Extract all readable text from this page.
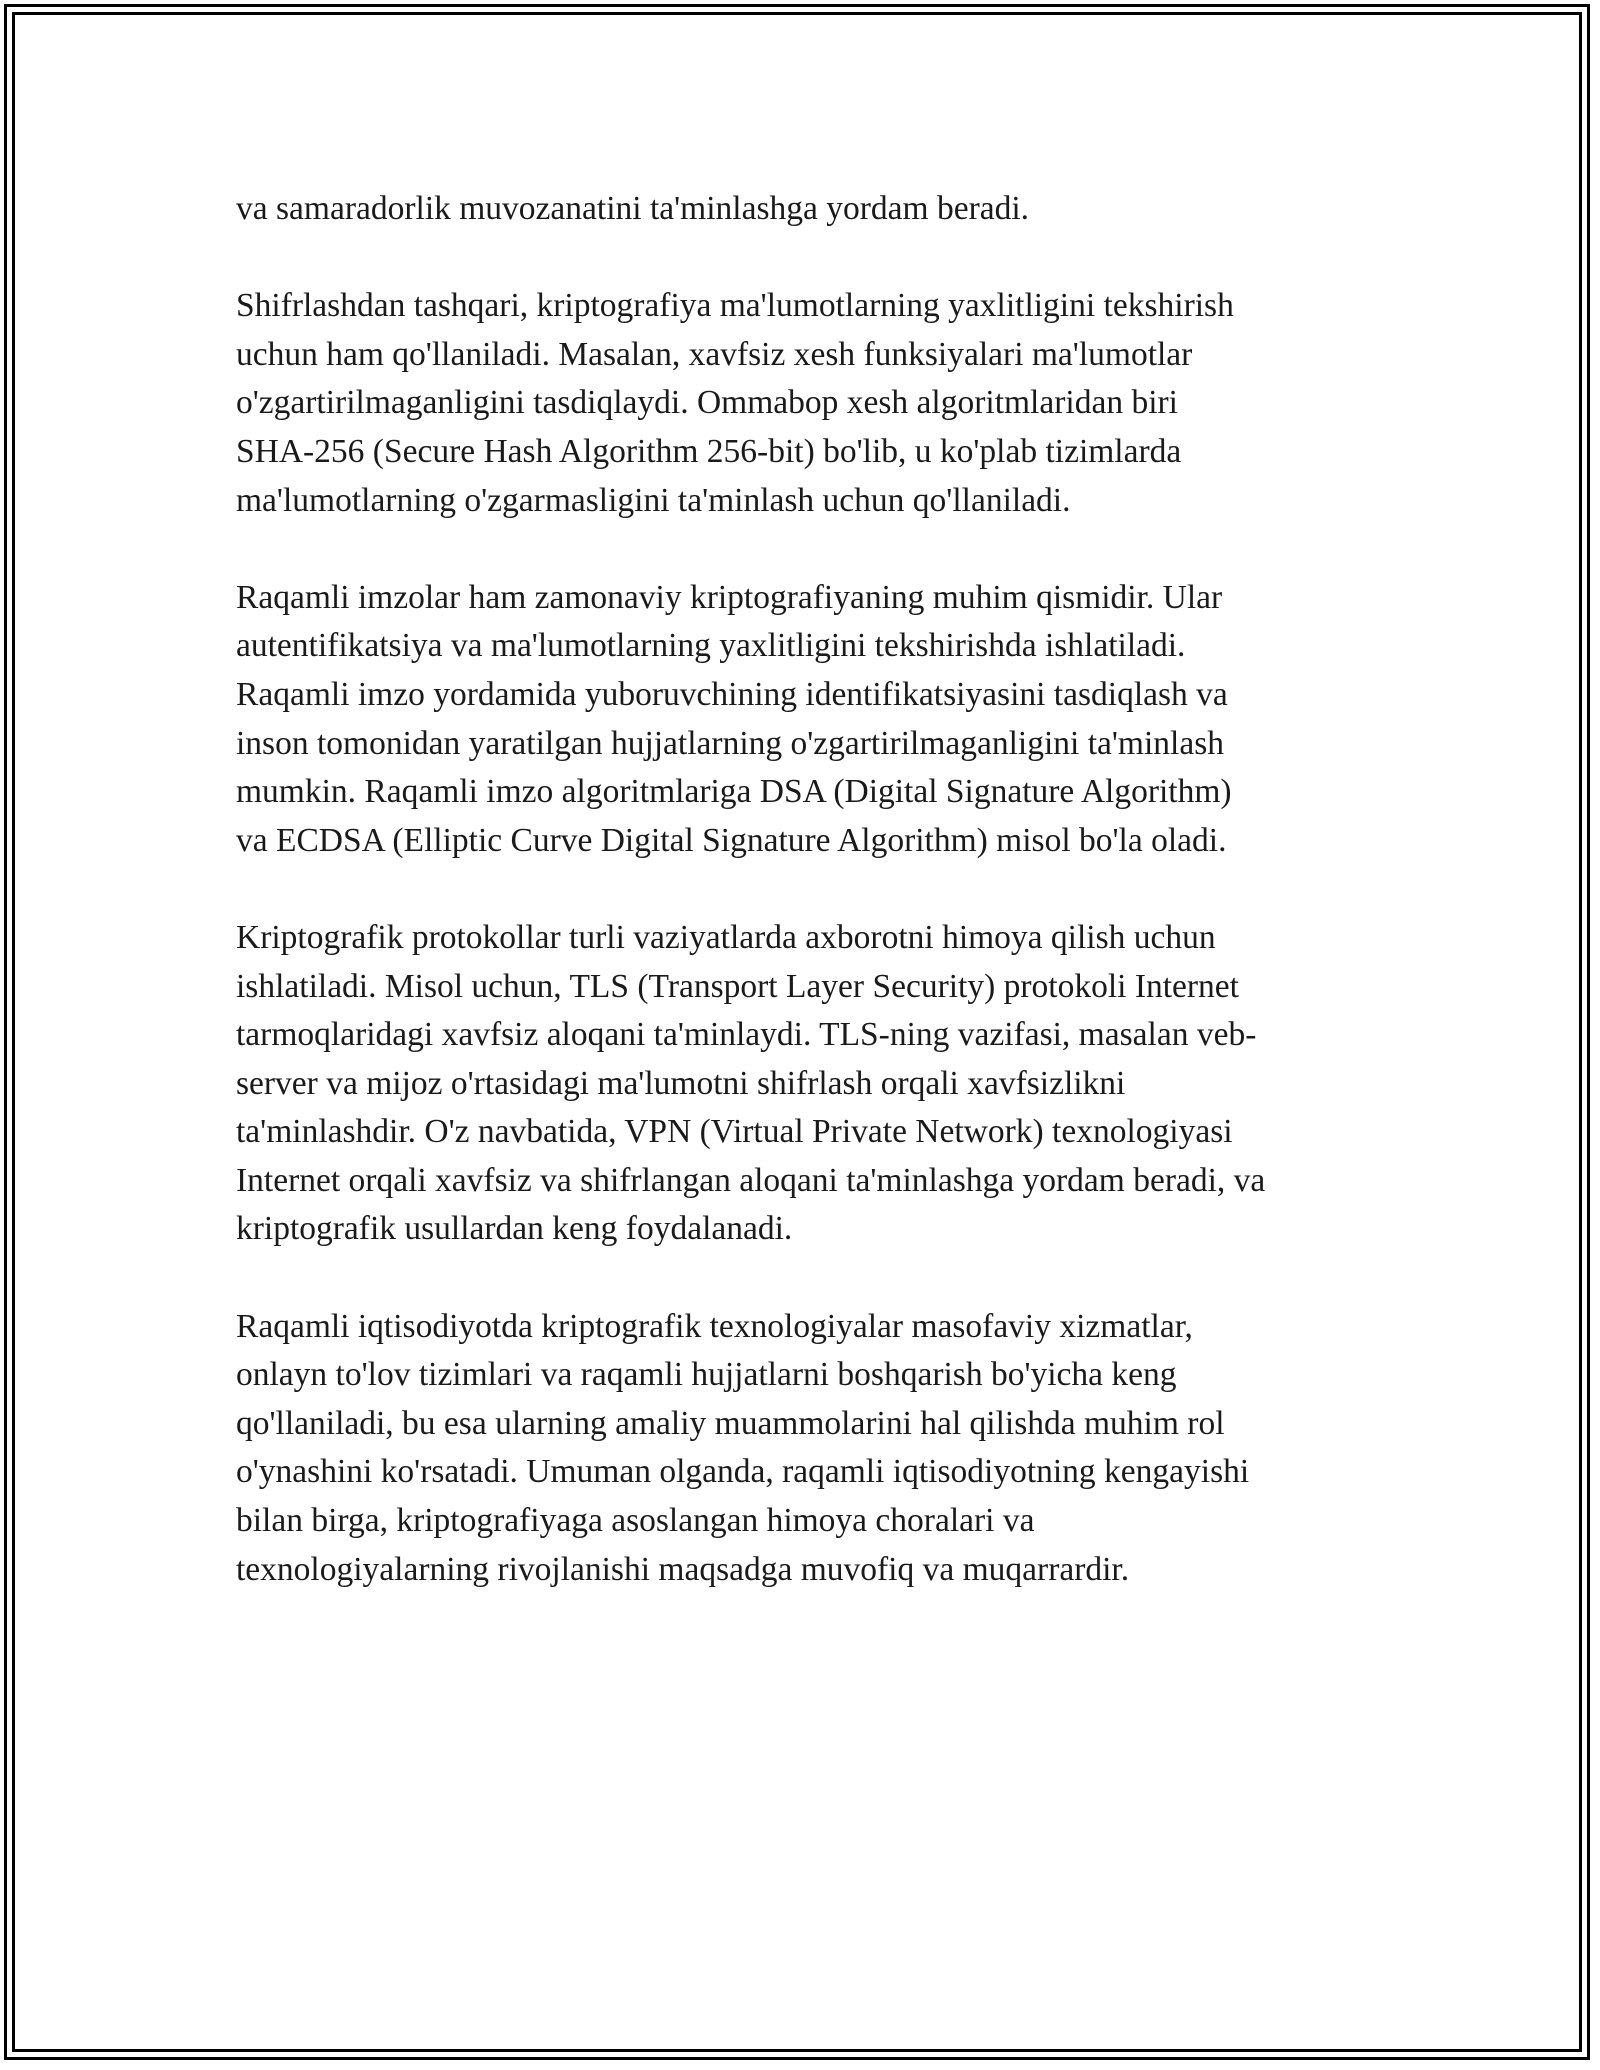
va samaradorlik muvozanatini ta'minlashga yordam beradi.
Shifrlashdan tashqari, kriptografiya ma'lumotlarning yaxlitligini tekshirish
uchun ham qo'llaniladi. Masalan, xavfsiz xesh funksiyalari ma'lumotlar
o'zgartirilmaganligini tasdiqlaydi. Ommabop xesh algoritmlaridan biri
SHA-256 (Secure Hash Algorithm 256-bit) bo'lib, u ko'plab tizimlarda
ma'lumotlarning o'zgarmasligini ta'minlash uchun qo'llaniladi.
Raqamli imzolar ham zamonaviy kriptografiyaning muhim qismidir. Ular
autentifikatsiya va ma'lumotlarning yaxlitligini tekshirishda ishlatiladi.
Raqamli imzo yordamida yuboruvchining identifikatsiyasini tasdiqlash va
inson tomonidan yaratilgan hujjatlarning o'zgartirilmaganligini ta'minlash
mumkin. Raqamli imzo algoritmlariga DSA (Digital Signature Algorithm)
va ECDSA (Elliptic Curve Digital Signature Algorithm) misol bo'la oladi.
Kriptografik protokollar turli vaziyatlarda axborotni himoya qilish uchun
ishlatiladi. Misol uchun, TLS (Transport Layer Security) protokoli Internet
tarmoqlaridagi xavfsiz aloqani ta'minlaydi. TLS-ning vazifasi, masalan veb-
server va mijoz o'rtasidagi ma'lumotni shifrlash orqali xavfsizlikni
ta'minlashdir. O'z navbatida, VPN (Virtual Private Network) texnologiyasi
Internet orqali xavfsiz va shifrlangan aloqani ta'minlashga yordam beradi, va
kriptografik usullardan keng foydalanadi.
Raqamli iqtisodiyotda kriptografik texnologiyalar masofaviy xizmatlar,
onlayn to'lov tizimlari va raqamli hujjatlarni boshqarish bo'yicha keng
qo'llaniladi, bu esa ularning amaliy muammolarini hal qilishda muhim rol
o'ynashini ko'rsatadi. Umuman olganda, raqamli iqtisodiyotning kengayishi
bilan birga, kriptografiyaga asoslangan himoya choralari va
texnologiyalarning rivojlanishi maqsadga muvofiq va muqarrardir.
